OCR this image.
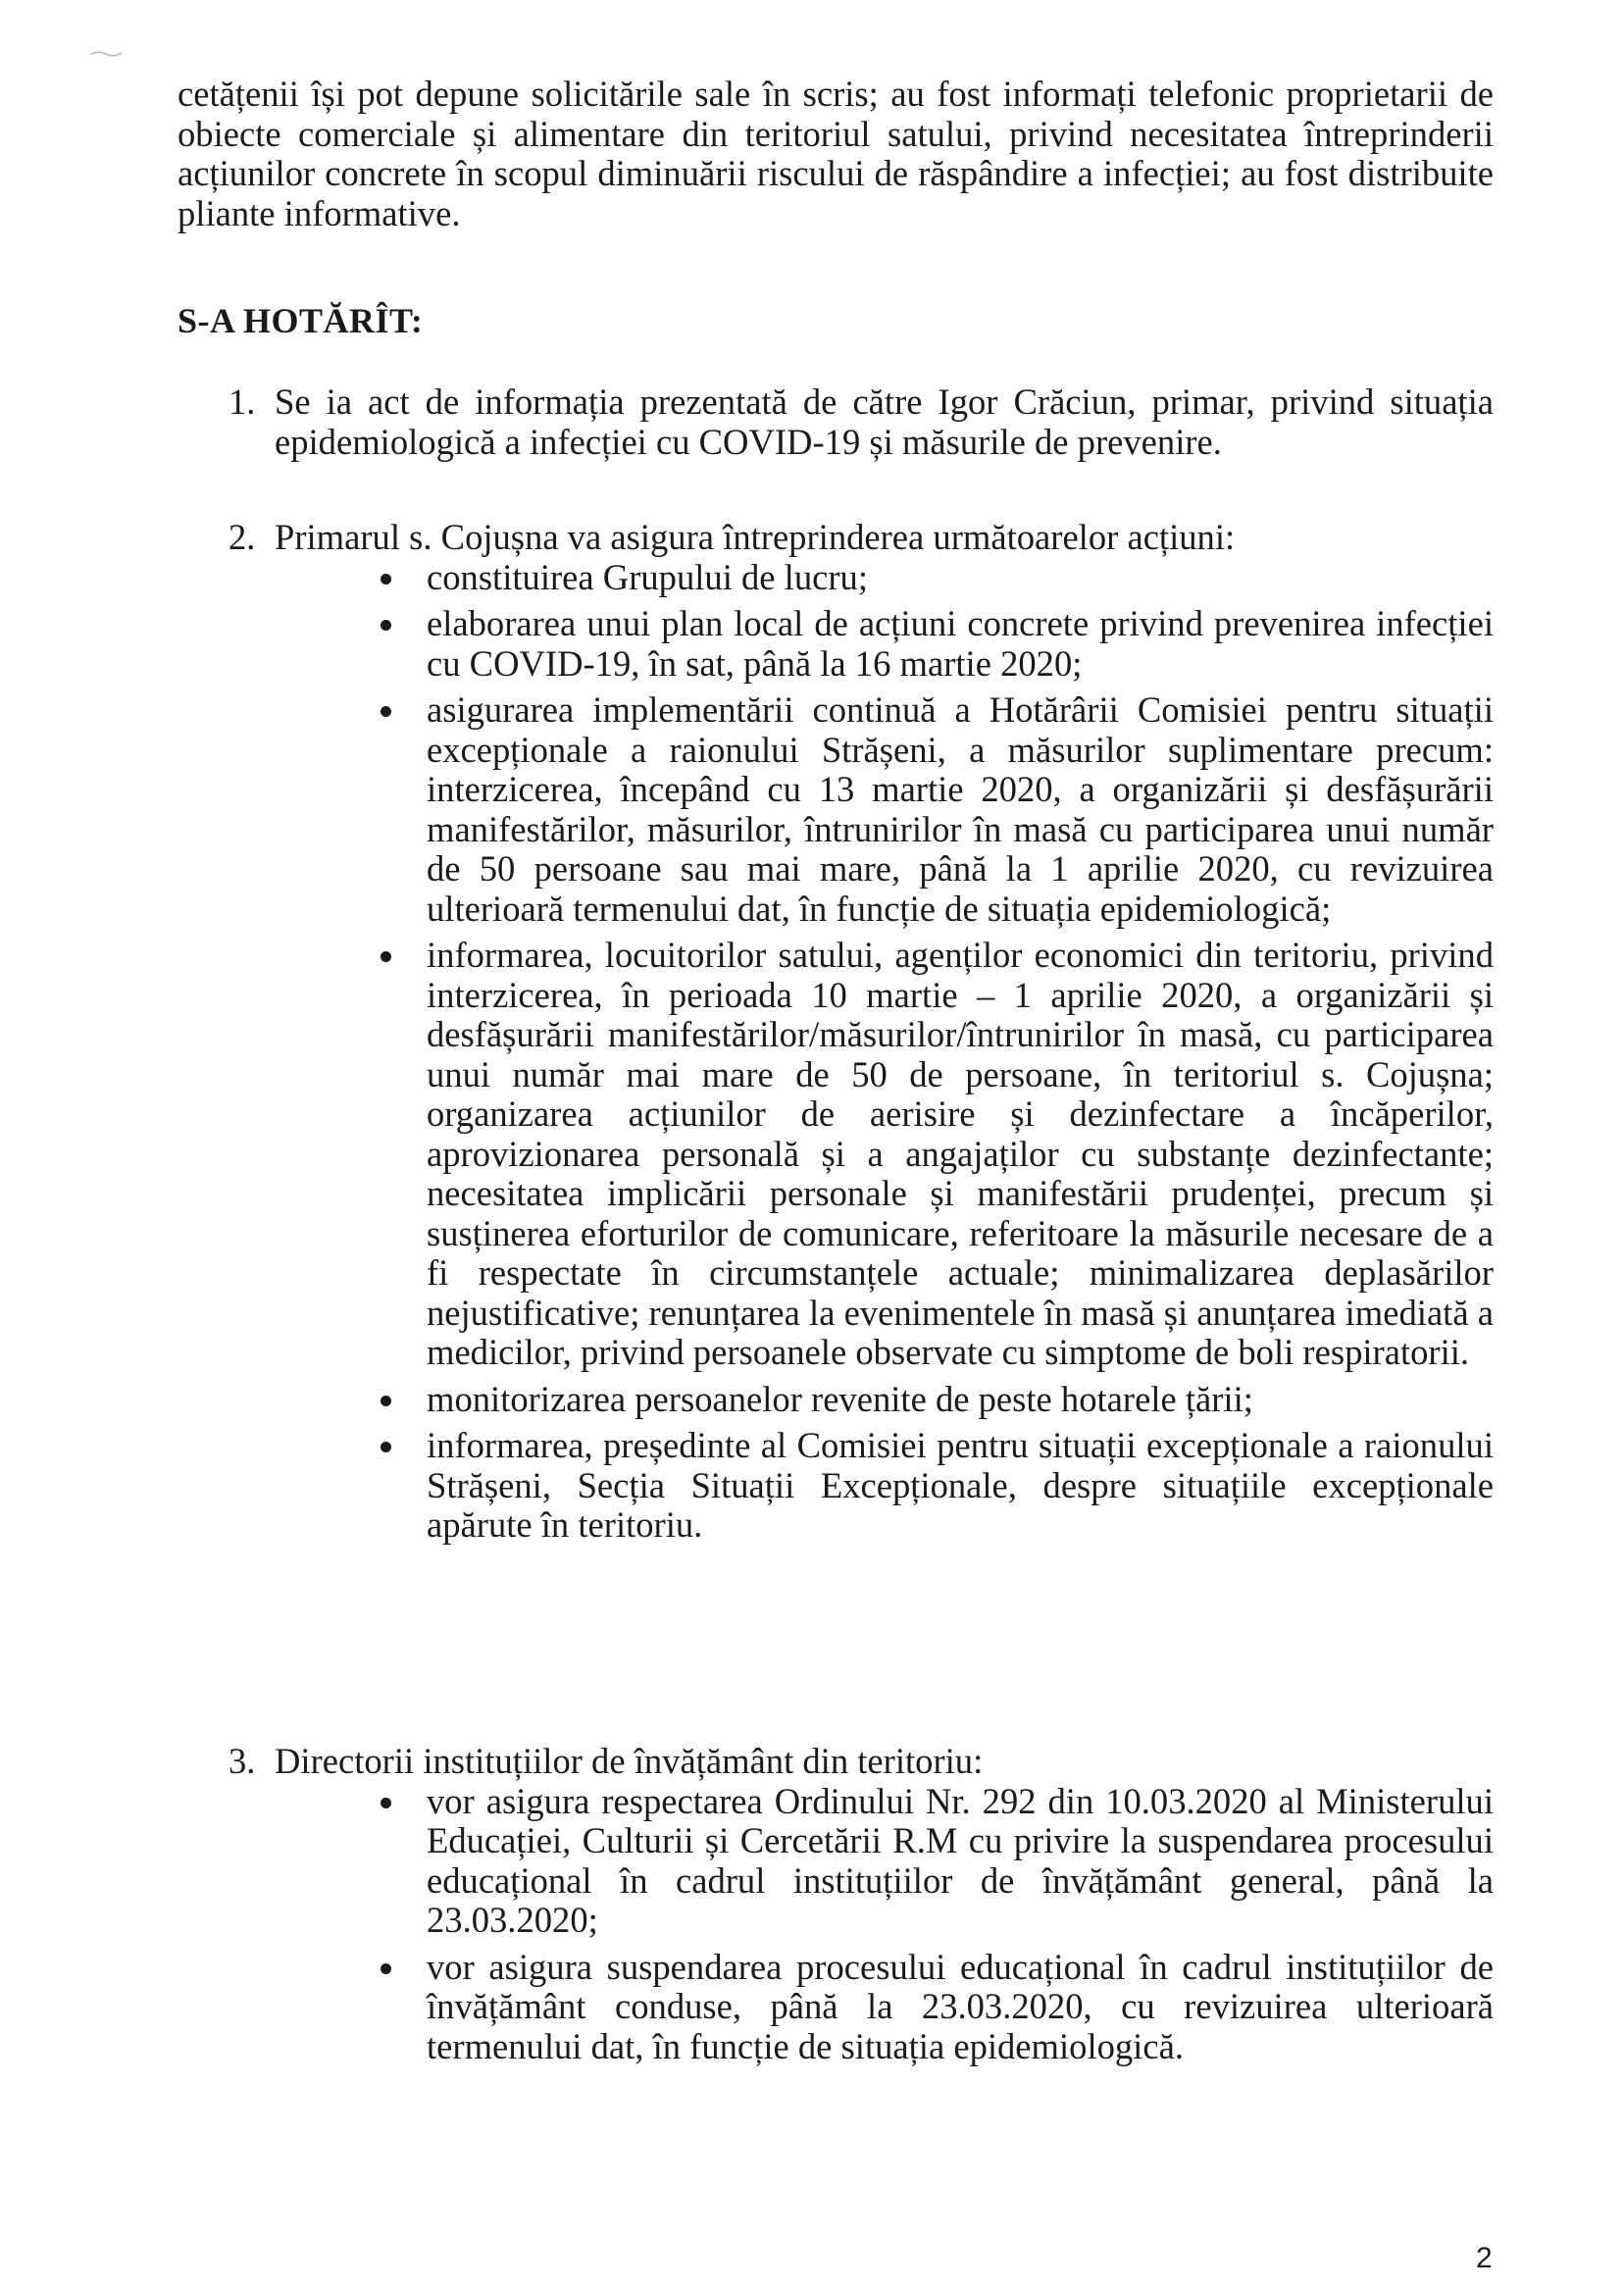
cetățenii își pot depune solicitările sale în scris; au fost informați telefonic proprietarii de obiecte comerciale și alimentare din teritoriul satului, privind necesitatea întreprinderii acțiunilor concrete în scopul diminuării riscului de răspândire a infecției; au fost distribuite pliante informative.

S-A HOTĂRÎT:
1. Se ia act de informația prezentată de către Igor Crăciun, primar, privind situația epidemiologică a infecției cu COVID-19 și măsurile de prevenire.
2. Primarul s. Cojușna va asigura întreprinderea următoarelor acțiuni:
constituirea Grupului de lucru;
elaborarea unui plan local de acțiuni concrete privind prevenirea infecției cu COVID-19, în sat, până la 16 martie 2020;
asigurarea implementării continuă a Hotărârii Comisiei pentru situații excepționale a raionului Strășeni, a măsurilor suplimentare precum: interzicerea, începând cu 13 martie 2020, a organizării și desfășurării manifestărilor, măsurilor, întrunirilor în masă cu participarea unui număr de 50 persoane sau mai mare, până la 1 aprilie 2020, cu revizuirea ulterioară termenului dat, în funcție de situația epidemiologică;
informarea, locuitorilor satului, agenților economici din teritoriu, privind interzicerea, în perioada 10 martie – 1 aprilie 2020, a organizării și desfășurării manifestărilor/măsurilor/întrunirilor în masă, cu participarea unui număr mai mare de 50 de persoane, în teritoriul s. Cojușna; organizarea acțiunilor de aerisire și dezinfectare a încăperilor, aprovizionarea personală și a angajaților cu substanțe dezinfectante; necesitatea implicării personale și manifestării prudenței, precum și susținerea eforturilor de comunicare, referitoare la măsurile necesare de a fi respectate în circumstanțele actuale; minimalizarea deplasărilor nejustificative; renunțarea la evenimentele în masă și anunțarea imediată a medicilor, privind persoanele observate cu simptome de boli respiratorii.
monitorizarea persoanelor revenite de peste hotarele țării;
informarea, președinte al Comisiei pentru situații excepționale a raionului Strășeni, Secția Situații Excepționale, despre situațiile excepționale apărute în teritoriu.
3. Directorii instituțiilor de învățământ din teritoriu:
vor asigura respectarea Ordinului Nr. 292 din 10.03.2020 al Ministerului Educației, Culturii și Cercetării R.M cu privire la suspendarea procesului educațional în cadrul instituțiilor de învățământ general, până la 23.03.2020;
vor asigura suspendarea procesului educațional în cadrul instituțiilor de învățământ conduse, până la 23.03.2020, cu revizuirea ulterioară termenului dat, în funcție de situația epidemiologică.
2
